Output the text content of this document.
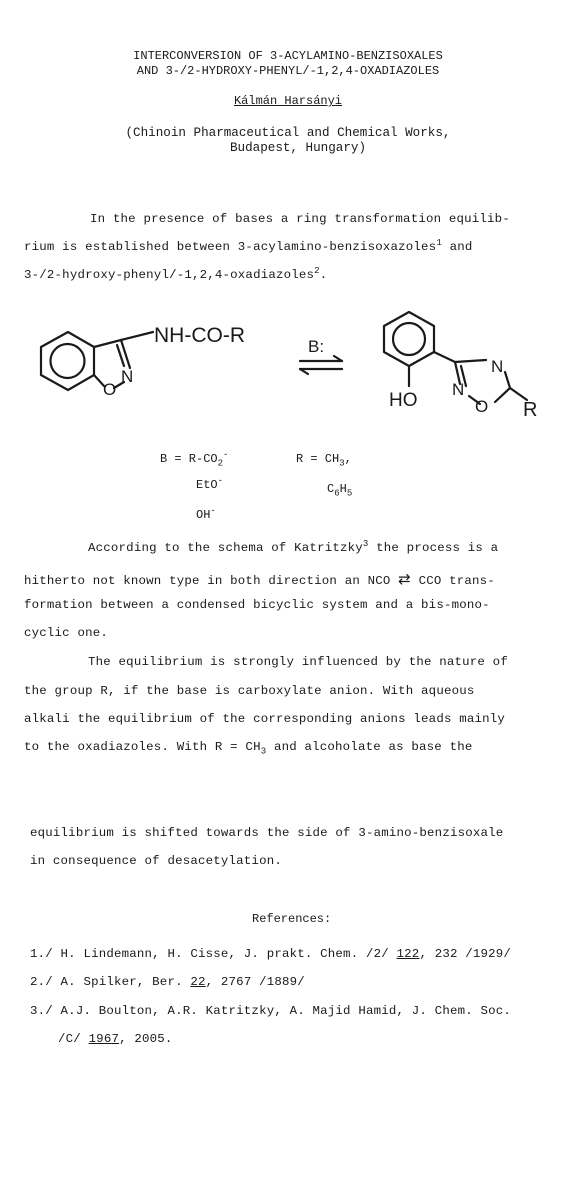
INTERCONVERSION OF 3-ACYLAMINO-BENZISOXALES
AND 3-/2-HYDROXY-PHENYL/-1,2,4-OXADIAZOLES
Kálmán Harsányi
(Chinoin Pharmaceutical and Chemical Works,
Budapest, Hungary)
In the presence of bases a ring transformation equilib-
rium is established between 3-acylamino-benzisoxazoles$^1$ and
3-/2-hydroxy-phenyl/-1,2,4-oxadiazoles$^2$.
NH-CO-R
N
O
B:
HO
N
N
O R
$B = R-CO_2^-$
EtO-
OH-
$R = CH_3$,
$C_6H_5$
According to the schema of Katritzky$^3$ the process is a
hitherto not known type in both direction an NCO ⇄ CCO trans-
formation between a condensed bicyclic system and a bis-mono-
cyclic one.
The equilibrium is strongly influenced by the nature of
the group R, if the base is carboxylate anion. With aqueous
alkali the equilibrium of the corresponding anions leads mainly
to the oxadiazoles. With $R = CH_3$ and alcoholate as base the
equilibrium is shifted towards the side of 3-amino-benzisoxale
in consequence of desacetylation.
References:
1./ H. Lindemann, H. Cisse, J. prakt. Chem. /2/ 122, 232 /1929/
2./ A. Spilker, Ber. 22, 2767 /1889/
3./ A.J. Boulton, A.R. Katritzky, A. Majid Hamid, J. Chem. Soc.
/C/ 1967, 2005.
